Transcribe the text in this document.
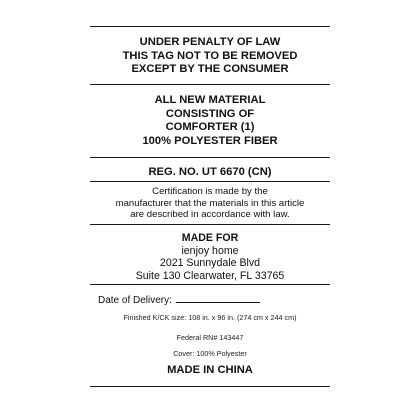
UNDER PENALTY OF LAW
THIS TAG NOT TO BE REMOVED
EXCEPT BY THE CONSUMER
ALL NEW MATERIAL
CONSISTING OF
COMFORTER (1)
100% POLYESTER FIBER
REG. NO. UT 6670 (CN)
Certification is made by the
manufacturer that the materials in this article
are described in accordance with law.
MADE FOR
ienjoy home
2021 Sunnydale Blvd
Suite 130 Clearwater, FL 33765
Date of Delivery:
Finished K/CK size: 108 in. x 96 in. (274 cm x 244 cm)
Federal RN# 143447
Cover: 100% Polyester
MADE IN CHINA
